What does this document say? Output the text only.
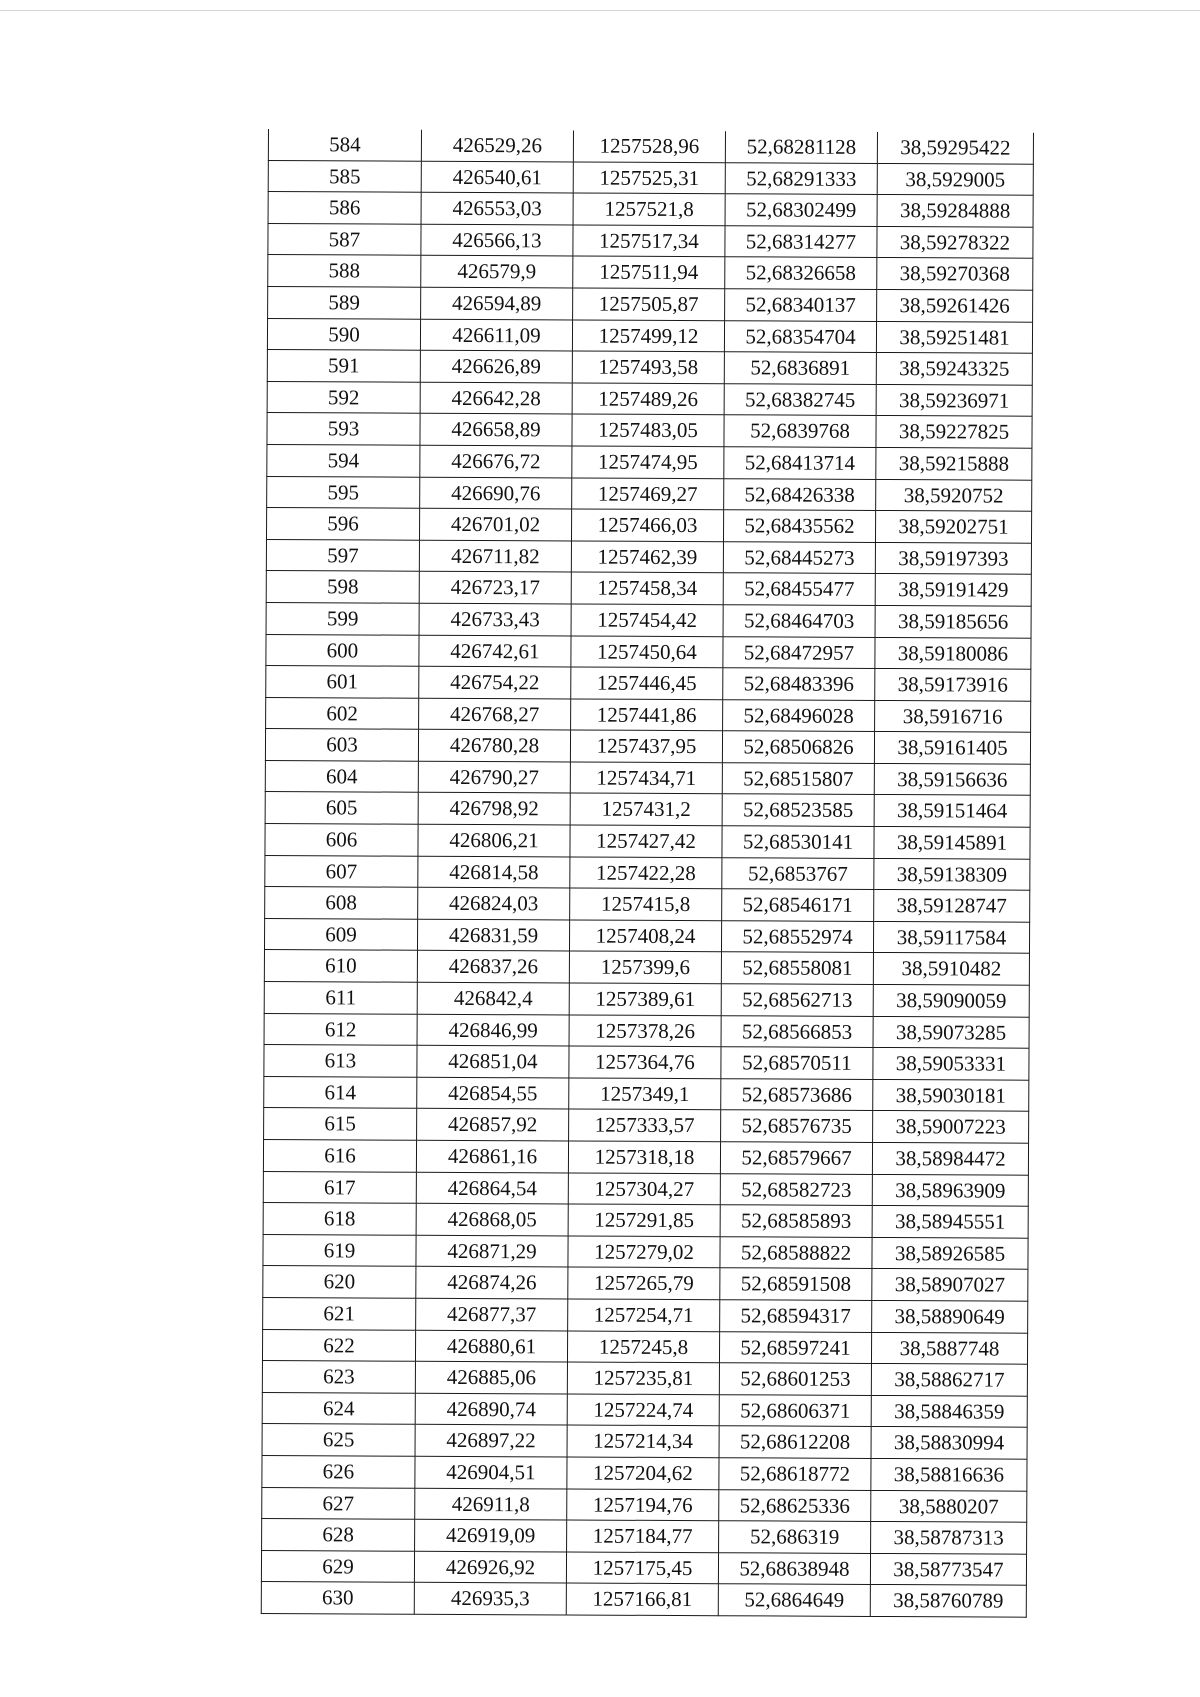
584	426529,26	1257528,96	52,68281128	38,59295422
585	426540,61	1257525,31	52,68291333	38,5929005
586	426553,03	1257521,8	52,68302499	38,59284888
587	426566,13	1257517,34	52,68314277	38,59278322
588	426579,9	1257511,94	52,68326658	38,59270368
589	426594,89	1257505,87	52,68340137	38,59261426
590	426611,09	1257499,12	52,68354704	38,59251481
591	426626,89	1257493,58	52,6836891	38,59243325
592	426642,28	1257489,26	52,68382745	38,59236971
593	426658,89	1257483,05	52,6839768	38,59227825
594	426676,72	1257474,95	52,68413714	38,59215888
595	426690,76	1257469,27	52,68426338	38,5920752
596	426701,02	1257466,03	52,68435562	38,59202751
597	426711,82	1257462,39	52,68445273	38,59197393
598	426723,17	1257458,34	52,68455477	38,59191429
599	426733,43	1257454,42	52,68464703	38,59185656
600	426742,61	1257450,64	52,68472957	38,59180086
601	426754,22	1257446,45	52,68483396	38,59173916
602	426768,27	1257441,86	52,68496028	38,5916716
603	426780,28	1257437,95	52,68506826	38,59161405
604	426790,27	1257434,71	52,68515807	38,59156636
605	426798,92	1257431,2	52,68523585	38,59151464
606	426806,21	1257427,42	52,68530141	38,59145891
607	426814,58	1257422,28	52,6853767	38,59138309
608	426824,03	1257415,8	52,68546171	38,59128747
609	426831,59	1257408,24	52,68552974	38,59117584
610	426837,26	1257399,6	52,68558081	38,5910482
611	426842,4	1257389,61	52,68562713	38,59090059
612	426846,99	1257378,26	52,68566853	38,59073285
613	426851,04	1257364,76	52,68570511	38,59053331
614	426854,55	1257349,1	52,68573686	38,59030181
615	426857,92	1257333,57	52,68576735	38,59007223
616	426861,16	1257318,18	52,68579667	38,58984472
617	426864,54	1257304,27	52,68582723	38,58963909
618	426868,05	1257291,85	52,68585893	38,58945551
619	426871,29	1257279,02	52,68588822	38,58926585
620	426874,26	1257265,79	52,68591508	38,58907027
621	426877,37	1257254,71	52,68594317	38,58890649
622	426880,61	1257245,8	52,68597241	38,5887748
623	426885,06	1257235,81	52,68601253	38,58862717
624	426890,74	1257224,74	52,68606371	38,58846359
625	426897,22	1257214,34	52,68612208	38,58830994
626	426904,51	1257204,62	52,68618772	38,58816636
627	426911,8	1257194,76	52,68625336	38,5880207
628	426919,09	1257184,77	52,686319	38,58787313
629	426926,92	1257175,45	52,68638948	38,58773547
630	426935,3	1257166,81	52,6864649	38,58760789
